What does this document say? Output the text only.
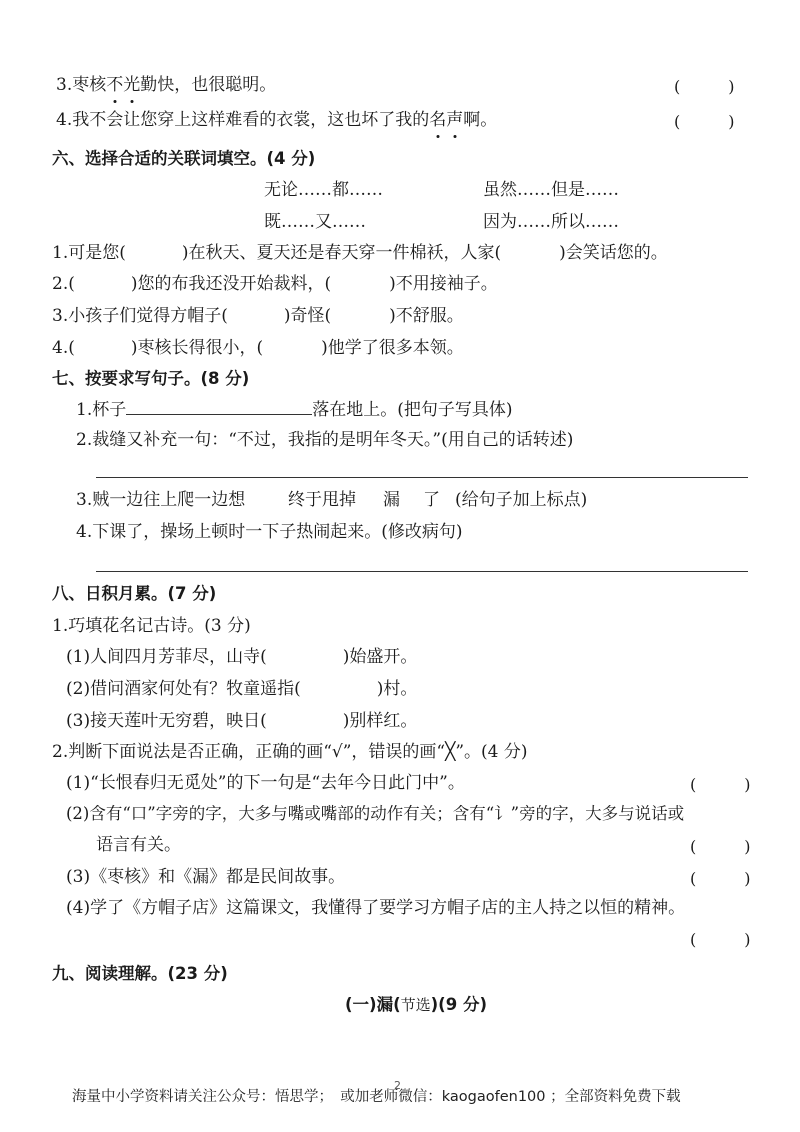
3.枣核不光勤快，也很聪明。	(　　　)
4.我不会让您穿上这样难看的衣裳，这也坏了我的名声啊。	(　　　)
六、选择合适的关联词填空。(4 分)
无论……都……	虽然……但是……
既……又……	因为……所以……
1.可是您(	)在秋天、夏天还是春天穿一件棉袄，人家(	)会笑话您的。
2.(	)您的布我还没开始裁料，(	)不用接袖子。
3.小孩子们觉得方帽子(	)奇怪(	)不舒服。
4.(	)枣核长得很小，(	)他学了很多本领。
七、按要求写句子。(8 分)
1.杯子	落在地上。(把句子写具体)
2.裁缝又补充一句：“不过，我指的是明年冬天。”(用自己的话转述)
3.贼一边往上爬一边想	终于甩掉 漏 了 (给句子加上标点)
4.下课了，操场上顿时一下子热闹起来。(修改病句)
八、日积月累。(7 分)
1.巧填花名记古诗。(3 分)
(1)人间四月芳菲尽，山寺(	)始盛开。
(2)借问酒家何处有？牧童遥指(	)村。
(3)接天莲叶无穷碧，映日(	)别样红。
2.判断下面说法是否正确，正确的画“√”，错误的画“╳”。(4 分)
(1)“长恨春归无觅处”的下一句是“去年今日此门中”。	(　　　)
(2)含有“口”字旁的字，大多与嘴或嘴部的动作有关；含有“讠”旁的字，大多与说话或
语言有关。	(　　　)
(3)《枣核》和《漏》都是民间故事。	(　　　)
(4)学了《方帽子店》这篇课文，我懂得了要学习方帽子店的主人持之以恒的精神。
(　　　)
九、阅读理解。(23 分)
(一)漏(节选)(9 分)
海量中小学资料请关注公众号：悟思学；　或加老师微信：kaogaofen100 ；全部资料免费下载
2
